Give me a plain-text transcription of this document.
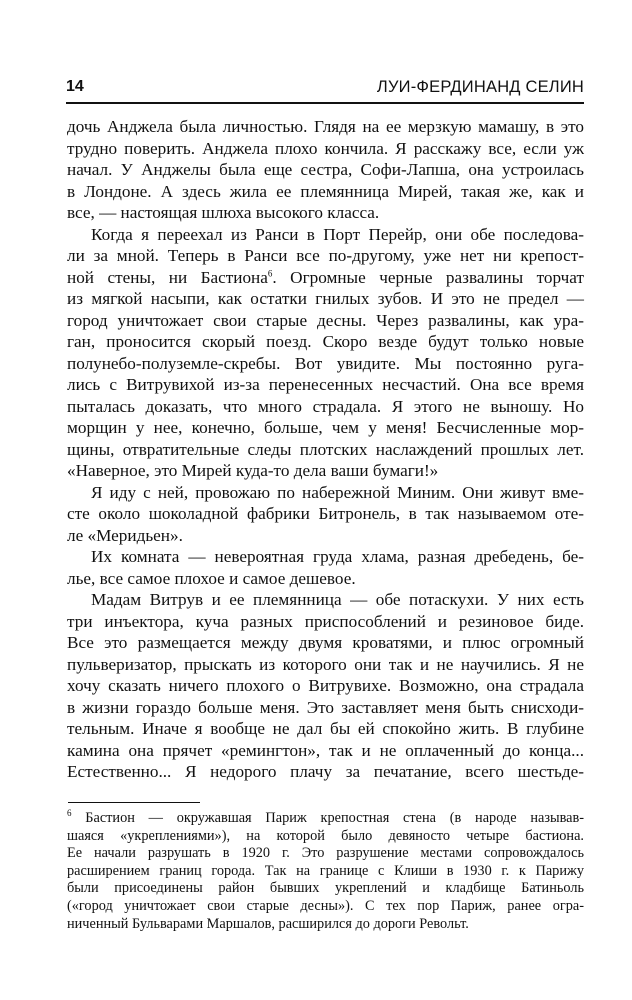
14	ЛУИ-ФЕРДИНАНД СЕЛИН
дочь Анджела была личностью. Глядя на ее мерзкую мамашу, в это
трудно поверить. Анджела плохо кончила. Я расскажу все, если уж
начал. У Анджелы была еще сестра, Софи-Лапша, она устроилась
в Лондоне. А здесь жила ее племянница Мирей, такая же, как и
все, — настоящая шлюха высокого класса.
Когда я переехал из Ранси в Порт Перейр, они обе последова-
ли за мной. Теперь в Ранси все по-другому, уже нет ни крепост-
ной стены, ни Бастиона$^6$. Огромные черные развалины торчат
из мягкой насыпи, как остатки гнилых зубов. И это не предел —
город уничтожает свои старые десны. Через развалины, как ура-
ган, проносится скорый поезд. Скоро везде будут только новые
полунебо-полуземле-скребы. Вот увидите. Мы постоянно руга-
лись с Витрувихой из-за перенесенных несчастий. Она все время
пыталась доказать, что много страдала. Я этого не выношу. Но
морщин у нее, конечно, больше, чем у меня! Бесчисленные мор-
щины, отвратительные следы плотских наслаждений прошлых лет.
«Наверное, это Мирей куда-то дела ваши бумаги!»
Я иду с ней, провожаю по набережной Миним. Они живут вме-
сте около шоколадной фабрики Битронель, в так называемом оте-
ле «Меридьен».
Их комната — невероятная груда хлама, разная дребедень, бе-
лье, все самое плохое и самое дешевое.
Мадам Витрув и ее племянница — обе потаскухи. У них есть
три инъектора, куча разных приспособлений и резиновое биде.
Все это размещается между двумя кроватями, и плюс огромный
пульверизатор, прыскать из которого они так и не научились. Я не
хочу сказать ничего плохого о Витрувихе. Возможно, она страдала
в жизни гораздо больше меня. Это заставляет меня быть снисходи-
тельным. Иначе я вообще не дал бы ей спокойно жить. В глубине
камина она прячет «ремингтон», так и не оплаченный до конца...
Естественно... Я недорого плачу за печатание, всего шестьде-
$^6$ Бастион — окружавшая Париж крепостная стена (в народе называв-
шаяся «укреплениями»), на которой было девяносто четыре бастиона.
Ее начали разрушать в 1920 г. Это разрушение местами сопровождалось
расширением границ города. Так на границе с Клиши в 1930 г. к Парижу
были присоединены район бывших укреплений и кладбище Батиньоль
(«город уничтожает свои старые десны»). С тех пор Париж, ранее огра-
ниченный Бульварами Маршалов, расширился до дороги Револьт.
